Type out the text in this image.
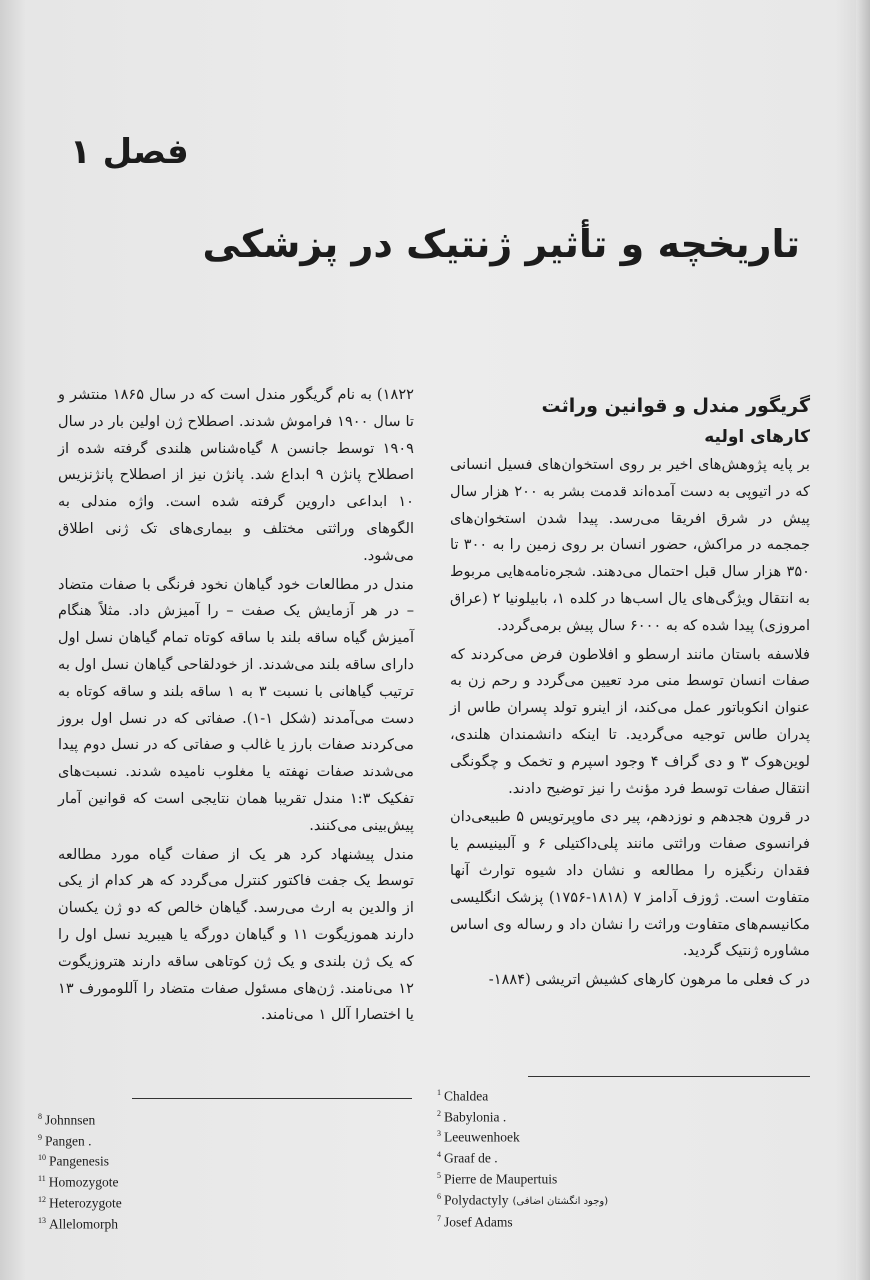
فصل ۱
تاریخچه و تأثیر ژنتیک در پزشکی
گریگور مندل و قوانین وراثت
کارهای اولیه

بر پایه پژوهش‌های اخیر بر روی استخوان‌های فسیل انسانی که در اتیوپی به دست آمده‌اند قدمت بشر به ۲۰۰ هزار سال پیش در شرق افریقا می‌رسد. پیدا شدن استخوان‌های جمجمه در مراکش، حضور انسان بر روی زمین را به ۳۰۰ تا ۳۵۰ هزار سال قبل احتمال می‌دهند. شجره‌نامه‌هایی مربوط به انتقال ویژگی‌های یال اسب‌ها در کلده ۱، بابیلونیا ۲ (عراق امروزی) پیدا شده که به ۶۰۰۰ سال پیش برمی‌گردد.

فلاسفه باستان مانند ارسطو و افلاطون فرض می‌کردند که صفات انسان توسط منی مرد تعیین می‌گردد و رحم زن به عنوان انکوباتور عمل می‌کند، از اینرو تولد پسران طاس از پدران طاس توجیه می‌گردید. تا اینکه دانشمندان هلندی، لوین‌هوک ۳ و دی گراف ۴ وجود اسپرم و تخمک و چگونگی انتقال صفات توسط فرد مؤنث را نیز توضیح دادند.

در قرون هجدهم و نوزدهم، پیر دی ماوپرتویس ۵ طبیعی‌دان فرانسوی صفات وراثتی مانند پلی‌داکتیلی ۶ و آلبینیسم یا فقدان رنگیزه را مطالعه و نشان داد شیوه توارث آنها متفاوت است. ژوزف آدامز ۷ (۱۸۱۸-۱۷۵۶) پزشک انگلیسی مکانیسم‌های متفاوت وراثت را نشان داد و رساله وی اساس مشاوره ژنتیک گردید.

در ک فعلی ما مرهون کارهای کشیش اتریشی (۱۸۸۴-

۱۸۲۲) به نام گریگور مندل است که در سال ۱۸۶۵ منتشر و تا سال ۱۹۰۰ فراموش شدند. اصطلاح ژن اولین بار در سال ۱۹۰۹ توسط جانسن ۸ گیاه‌شناس هلندی گرفته شده از اصطلاح پانژن ۹ ابداع شد. پانژن نیز از اصطلاح پانژنزیس ۱۰ ابداعی داروین گرفته شده است. واژه مندلی به الگوهای وراثتی مختلف و بیماری‌های تک ژنی اطلاق می‌شود.

مندل در مطالعات خود گیاهان نخود فرنگی با صفات متضاد – در هر آزمایش یک صفت – را آمیزش داد. مثلاً هنگام آمیزش گیاه ساقه بلند با ساقه کوتاه تمام گیاهان نسل اول دارای ساقه بلند می‌شدند. از خودلقاحی گیاهان نسل اول به ترتیب گیاهانی با نسبت ۳ به ۱ ساقه بلند و ساقه کوتاه به دست می‌آمدند (شکل ۱-۱). صفاتی که در نسل اول بروز می‌کردند صفات بارز یا غالب و صفاتی که در نسل دوم پیدا می‌شدند صفات نهفته یا مغلوب نامیده شدند. نسبت‌های تفکیک ۱:۳ مندل تقریبا همان نتایجی است که قوانین آمار پیش‌بینی می‌کنند.

مندل پیشنهاد کرد هر یک از صفات گیاه مورد مطالعه توسط یک جفت فاکتور کنترل می‌گردد که هر کدام از یکی از والدین به ارث می‌رسد. گیاهان خالص که دو ژن یکسان دارند هموزیگوت ۱۱ و گیاهان دورگه یا هیبرید نسل اول را که یک ژن بلندی و یک ژن کوتاهی ساقه دارند هتروزیگوت ۱۲ می‌نامند. ژن‌های مسئول صفات متضاد را آللومورف ۱۳ یا اختصارا آلل ۱ می‌نامند.

$^1$ Chaldea
$^2$ Babylonia .
$^3$ Leeuwenhoek
$^4$ Graaf de .
$^5$ Pierre de Maupertuis
$^6$ Polydactyly (وجود انگشتان اضافی)
$^7$ Josef Adams
$^8$ Johnnsen
$^9$ Pangen .
$^{10}$ Pangenesis
$^{11}$ Homozygote
$^{12}$ Heterozygote
$^{13}$ Allelomorph
